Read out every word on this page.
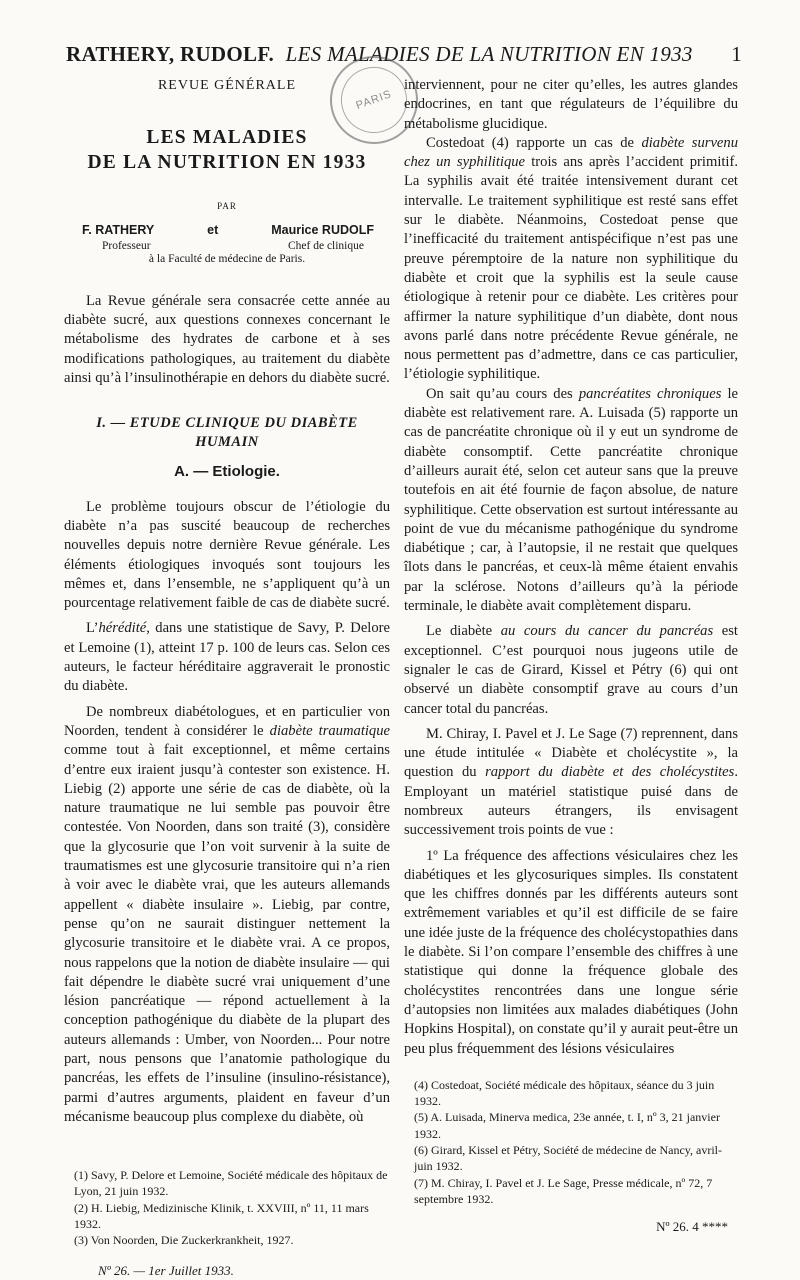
RATHERY, RUDOLF. LES MALADIES DE LA NUTRITION EN 1933 1
PARIS
REVUE GÉNÉRALE
LES MALADIES
DE LA NUTRITION EN 1933
PAR
F. RATHERY	et	Maurice RUDOLF
Professeur	Chef de clinique
à la Faculté de médecine de Paris.

La Revue générale sera consacrée cette année au diabète sucré, aux questions connexes concernant le métabolisme des hydrates de carbone et à ses modifications pathologiques, au traitement du diabète ainsi qu’à l’insulinothérapie en dehors du diabète sucré.

I. — ETUDE CLINIQUE DU DIABÈTE HUMAIN
A. — Etiologie.

Le problème toujours obscur de l’étiologie du diabète n’a pas suscité beaucoup de recherches nouvelles depuis notre dernière Revue générale. Les éléments étiologiques invoqués sont toujours les mêmes et, dans l’ensemble, ne s’appliquent qu’à un pourcentage relativement faible de cas de diabète sucré.

L’hérédité, dans une statistique de Savy, P. Delore et Lemoine (1), atteint 17 p. 100 de leurs cas. Selon ces auteurs, le facteur héréditaire aggraverait le pronostic du diabète.

De nombreux diabétologues, et en particulier von Noorden, tendent à considérer le diabète traumatique comme tout à fait exceptionnel, et même certains d’entre eux iraient jusqu’à contester son existence. H. Liebig (2) apporte une série de cas de diabète, où la nature traumatique ne lui semble pas pouvoir être contestée. Von Noorden, dans son traité (3), considère que la glycosurie que l’on voit survenir à la suite de traumatismes est une glycosurie transitoire qui n’a rien à voir avec le diabète vrai, que les auteurs allemands appellent « diabète insulaire ». Liebig, par contre, pense qu’on ne saurait distinguer nettement la glycosurie transitoire et le diabète vrai. A ce propos, nous rappelons que la notion de diabète insulaire — qui fait dépendre le diabète sucré vrai uniquement d’une lésion pancréatique — répond actuellement à la conception pathogénique du diabète de la plupart des auteurs allemands : Umber, von Noorden... Pour notre part, nous pensons que l’anatomie pathologique du pancréas, les effets de l’insuline (insulino-résistance), parmi d’autres arguments, plaident en faveur d’un mécanisme beaucoup plus complexe du diabète, où

(1) Savy, P. Delore et Lemoine, Société médicale des hôpitaux de Lyon, 21 juin 1932.

(2) H. Liebig, Medizinische Klinik, t. XXVIII, nº 11, 11 mars 1932.

(3) Von Noorden, Die Zuckerkrankheit, 1927.

Nº 26. — 1er Juillet 1933.

interviennent, pour ne citer qu’elles, les autres glandes endocrines, en tant que régulateurs de l’équilibre du métabolisme glucidique.

Costedoat (4) rapporte un cas de diabète survenu chez un syphilitique trois ans après l’accident primitif. La syphilis avait été traitée intensivement durant cet intervalle. Le traitement syphilitique est resté sans effet sur le diabète. Néanmoins, Costedoat pense que l’inefficacité du traitement antispécifique n’est pas une preuve péremptoire de la nature non syphilitique du diabète et croit que la syphilis est la seule cause étiologique à retenir pour ce diabète. Les critères pour affirmer la nature syphilitique d’un diabète, dont nous avons parlé dans notre précédente Revue générale, ne nous permettent pas d’admettre, dans ce cas particulier, l’étiologie syphilitique.

On sait qu’au cours des pancréatites chroniques le diabète est relativement rare. A. Luisada (5) rapporte un cas de pancréatite chronique où il y eut un syndrome de diabète consomptif. Cette pancréatite chronique d’ailleurs aurait été, selon cet auteur sans que la preuve toutefois en ait été fournie de façon absolue, de nature syphilitique. Cette observation est surtout intéressante au point de vue du mécanisme pathogénique du syndrome diabétique ; car, à l’autopsie, il ne restait que quelques îlots dans le pancréas, et ceux-là même étaient envahis par la sclérose. Notons d’ailleurs qu’à la période terminale, le diabète avait complètement disparu.

Le diabète au cours du cancer du pancréas est exceptionnel. C’est pourquoi nous jugeons utile de signaler le cas de Girard, Kissel et Pétry (6) qui ont observé un diabète consomptif grave au cours d’un cancer total du pancréas.

M. Chiray, I. Pavel et J. Le Sage (7) reprennent, dans une étude intitulée « Diabète et cholécystite », la question du rapport du diabète et des cholécystites. Employant un matériel statistique puisé dans de nombreux auteurs étrangers, ils envisagent successivement trois points de vue :

1º La fréquence des affections vésiculaires chez les diabétiques et les glycosuriques simples. Ils constatent que les chiffres donnés par les différents auteurs sont extrêmement variables et qu’il est difficile de se faire une idée juste de la fréquence des cholécystopathies dans le diabète. Si l’on compare l’ensemble des chiffres à une statistique qui donne la fréquence globale des cholécystites rencontrées dans une longue série d’autopsies non limitées aux malades diabétiques (John Hopkins Hospital), on constate qu’il y aurait peut-être un peu plus fréquemment des lésions vésiculaires

(4) Costedoat, Société médicale des hôpitaux, séance du 3 juin 1932.

(5) A. Luisada, Minerva medica, 23e année, t. I, nº 3, 21 janvier 1932.

(6) Girard, Kissel et Pétry, Société de médecine de Nancy, avril-juin 1932.

(7) M. Chiray, I. Pavel et J. Le Sage, Presse médicale, nº 72, 7 septembre 1932.

Nº 26. 4 ****
